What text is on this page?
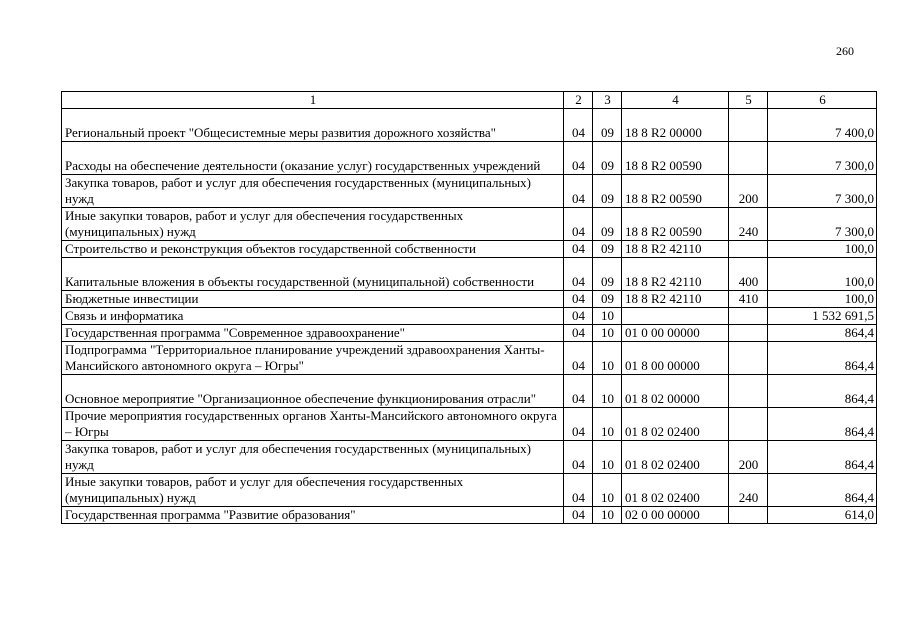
260
1	2	3	4	5	6
Региональный проект "Общесистемные меры развития дорожного хозяйства"	04	09	18 8 R2 00000		7 400,0
Расходы на обеспечение деятельности (оказание услуг) государственных учреждений	04	09	18 8 R2 00590		7 300,0
Закупка товаров, работ и услуг для обеспечения государственных (муниципальных) нужд	04	09	18 8 R2 00590	200	7 300,0
Иные закупки товаров, работ и услуг для обеспечения государственных (муниципальных) нужд	04	09	18 8 R2 00590	240	7 300,0
Строительство и реконструкция объектов государственной собственности	04	09	18 8 R2 42110		100,0
Капитальные вложения в объекты государственной (муниципальной) собственности	04	09	18 8 R2 42110	400	100,0
Бюджетные инвестиции	04	09	18 8 R2 42110	410	100,0
Связь и информатика	04	10			1 532 691,5
Государственная программа "Современное здравоохранение"	04	10	01 0 00 00000		864,4
Подпрограмма "Территориальное планирование учреждений здравоохранения Ханты-Мансийского автономного округа – Югры"	04	10	01 8 00 00000		864,4
Основное мероприятие "Организационное обеспечение функционирования отрасли"	04	10	01 8 02 00000		864,4
Прочие мероприятия государственных органов Ханты-Мансийского автономного округа – Югры	04	10	01 8 02 02400		864,4
Закупка товаров, работ и услуг для обеспечения государственных (муниципальных) нужд	04	10	01 8 02 02400	200	864,4
Иные закупки товаров, работ и услуг для обеспечения государственных (муниципальных) нужд	04	10	01 8 02 02400	240	864,4
Государственная программа "Развитие образования"	04	10	02 0 00 00000		614,0
